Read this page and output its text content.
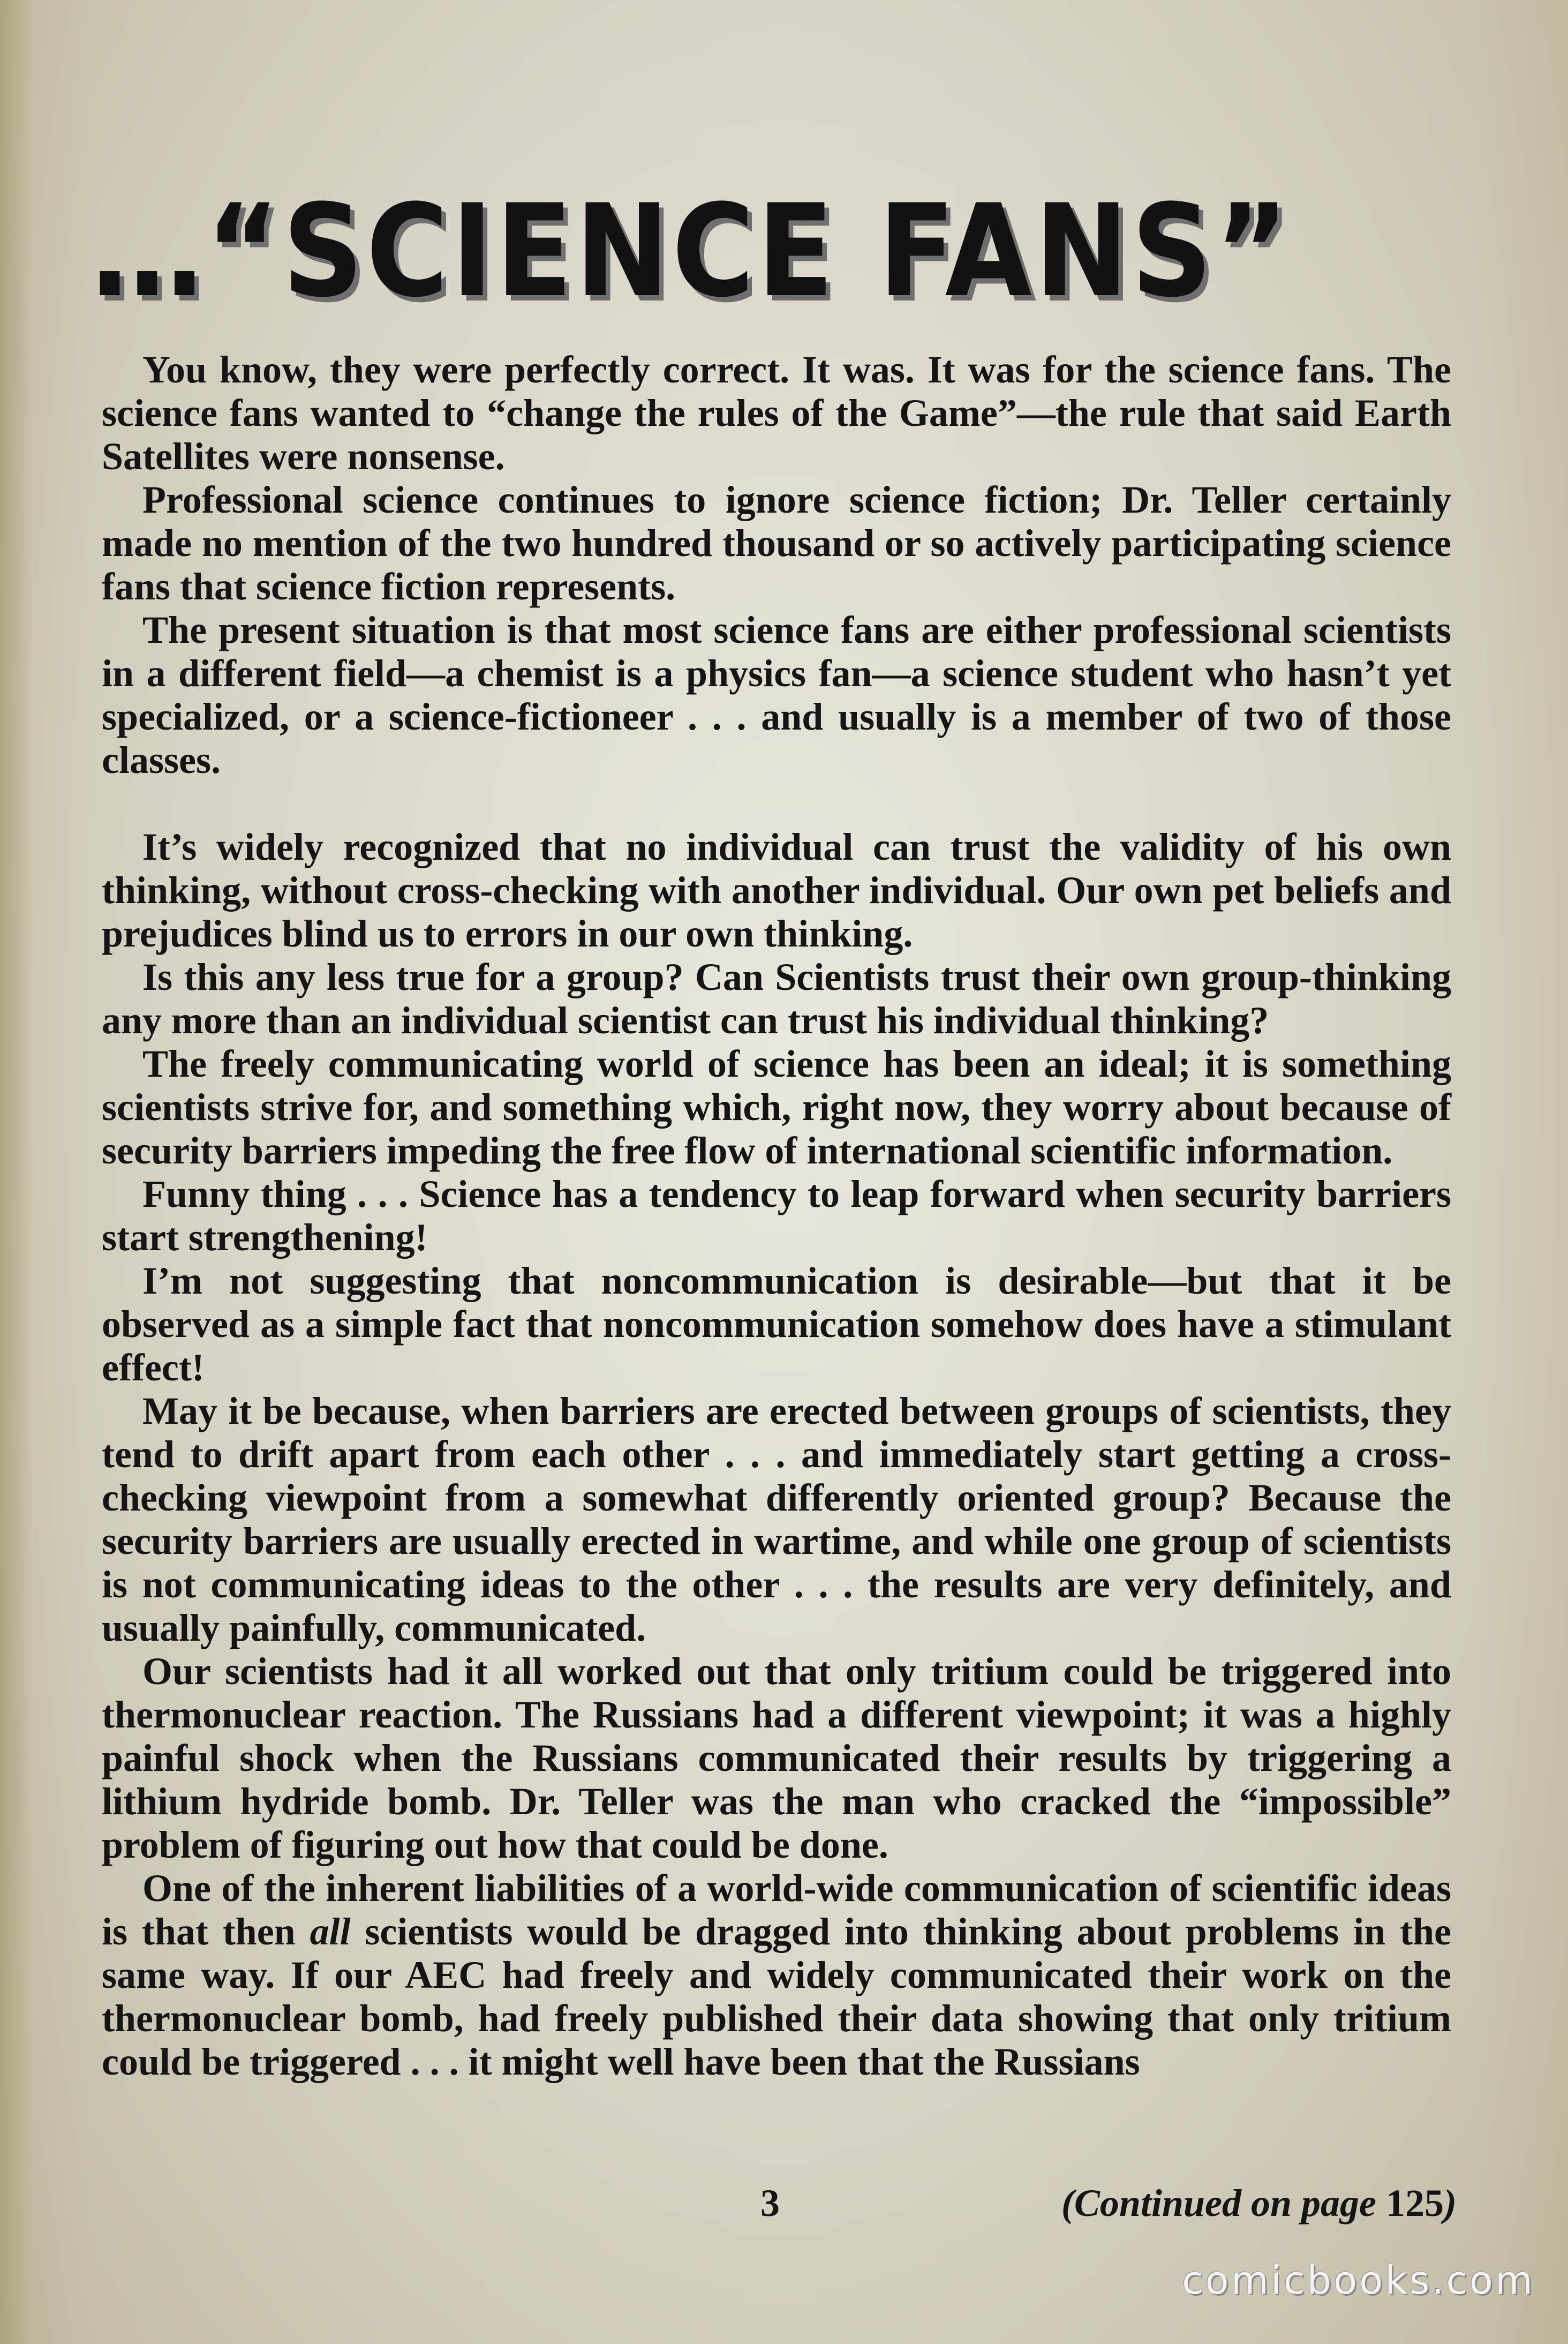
…“SCIENCE FANS”

You know, they were perfectly correct. It was. It was for the science fans. The science fans wanted to “change the rules of the Game”—the rule that said Earth Satellites were nonsense.

Professional science continues to ignore science fiction; Dr. Teller certainly made no mention of the two hundred thousand or so actively participating science fans that science fiction represents.

The present situation is that most science fans are either professional scientists in a different field—a chemist is a physics fan—a science student who hasn’t yet specialized, or a science-fictioneer . . . and usually is a member of two of those classes.

It’s widely recognized that no individual can trust the validity of his own thinking, without cross-checking with another individual. Our own pet beliefs and prejudices blind us to errors in our own thinking.

Is this any less true for a group? Can Scientists trust their own group-thinking any more than an individual scientist can trust his individual thinking?

The freely communicating world of science has been an ideal; it is something scientists strive for, and something which, right now, they worry about because of security barriers impeding the free flow of international scientific information.

Funny thing . . . Science has a tendency to leap forward when security barriers start strengthening!

I’m not suggesting that noncommunication is desirable—but that it be observed as a simple fact that noncommunication somehow does have a stimulant effect!

May it be because, when barriers are erected between groups of scientists, they tend to drift apart from each other . . . and immediately start getting a cross-checking viewpoint from a somewhat differently oriented group? Because the security barriers are usually erected in wartime, and while one group of scientists is not communicating ideas to the other . . . the results are very definitely, and usually painfully, communicated.

Our scientists had it all worked out that only tritium could be triggered into thermonuclear reaction. The Russians had a different viewpoint; it was a highly painful shock when the Russians communicated their results by triggering a lithium hydride bomb. Dr. Teller was the man who cracked the “impossible” problem of figuring out how that could be done.

One of the inherent liabilities of a world-wide communication of scientific ideas is that then all scientists would be dragged into thinking about problems in the same way. If our AEC had freely and widely communicated their work on the thermonuclear bomb, had freely published their data showing that only tritium could be triggered . . . it might well have been that the Russians

3	(Continued on page 125)
comicbooks.com
